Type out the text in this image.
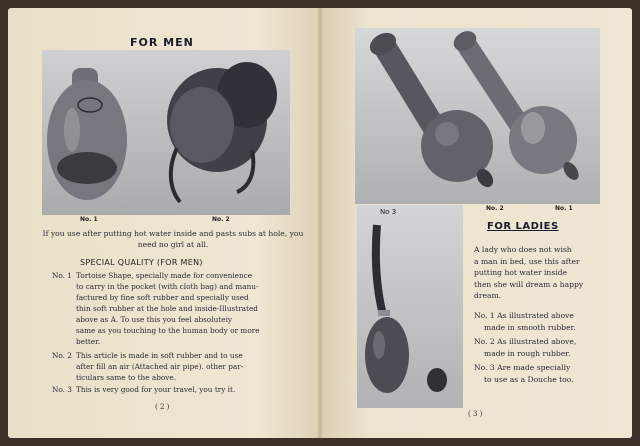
FOR MEN
No. 1	No. 2
If you use after putting hot water inside and pasts subs at hole, you need no girl at all.
SPECIAL QUALITY (FOR MEN)
No. 1 Tortoise Shape, specially made for convenience
to carry in the pocket (with cloth bag) and manu-
factured by fine soft rubber and specially used
thin soft rubber at the hole and inside-Illustrated
above as A. To use this you feel absoluteiy
same as you touching to the human body or more
better.
No. 2 This article is made in soft rubber and to use
after fill an air (Attached air pipe). other par-
ticulars same to the above.
No. 3 This is very good for your travel, you try it.
( 2 )
No. 2	No. 1
No 3
FOR LADIES
A lady who does not wish
a man in bed, use this after
putting hot water inside
then she will dream a happy
dream.
No. 1 As illustrated above
made in smooth rubber.
No. 2 As illustrated above,
made in rough rubber.
No. 3 Are made specially
to use as a Douche too.
( 3 )
